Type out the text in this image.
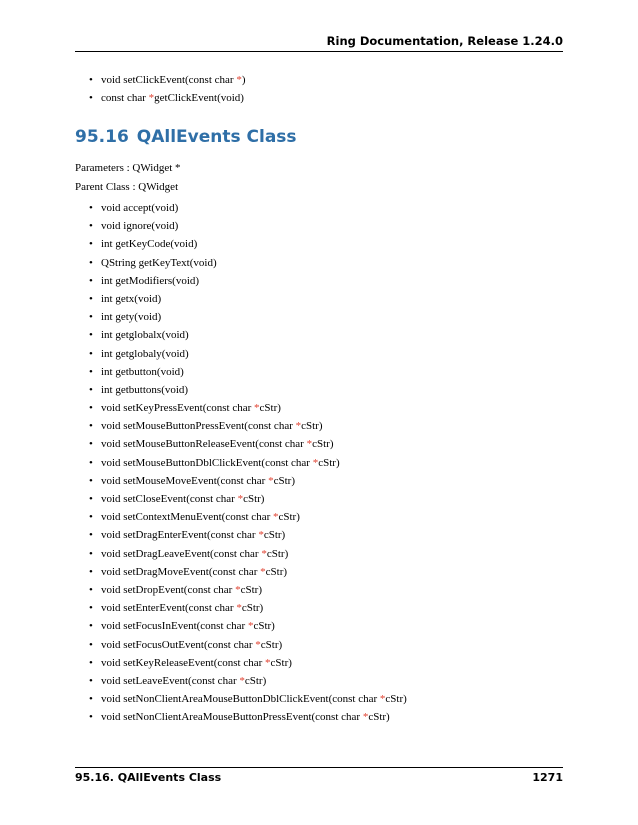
Ring Documentation, Release 1.24.0
• void setClickEvent(const char *)
• const char *getClickEvent(void)
95.16 QAllEvents Class
Parameters : QWidget *
Parent Class : QWidget
• void accept(void)
• void ignore(void)
• int getKeyCode(void)
• QString getKeyText(void)
• int getModifiers(void)
• int getx(void)
• int gety(void)
• int getglobalx(void)
• int getglobaly(void)
• int getbutton(void)
• int getbuttons(void)
• void setKeyPressEvent(const char *cStr)
• void setMouseButtonPressEvent(const char *cStr)
• void setMouseButtonReleaseEvent(const char *cStr)
• void setMouseButtonDblClickEvent(const char *cStr)
• void setMouseMoveEvent(const char *cStr)
• void setCloseEvent(const char *cStr)
• void setContextMenuEvent(const char *cStr)
• void setDragEnterEvent(const char *cStr)
• void setDragLeaveEvent(const char *cStr)
• void setDragMoveEvent(const char *cStr)
• void setDropEvent(const char *cStr)
• void setEnterEvent(const char *cStr)
• void setFocusInEvent(const char *cStr)
• void setFocusOutEvent(const char *cStr)
• void setKeyReleaseEvent(const char *cStr)
• void setLeaveEvent(const char *cStr)
• void setNonClientAreaMouseButtonDblClickEvent(const char *cStr)
• void setNonClientAreaMouseButtonPressEvent(const char *cStr)
95.16. QAllEvents Class	1271
